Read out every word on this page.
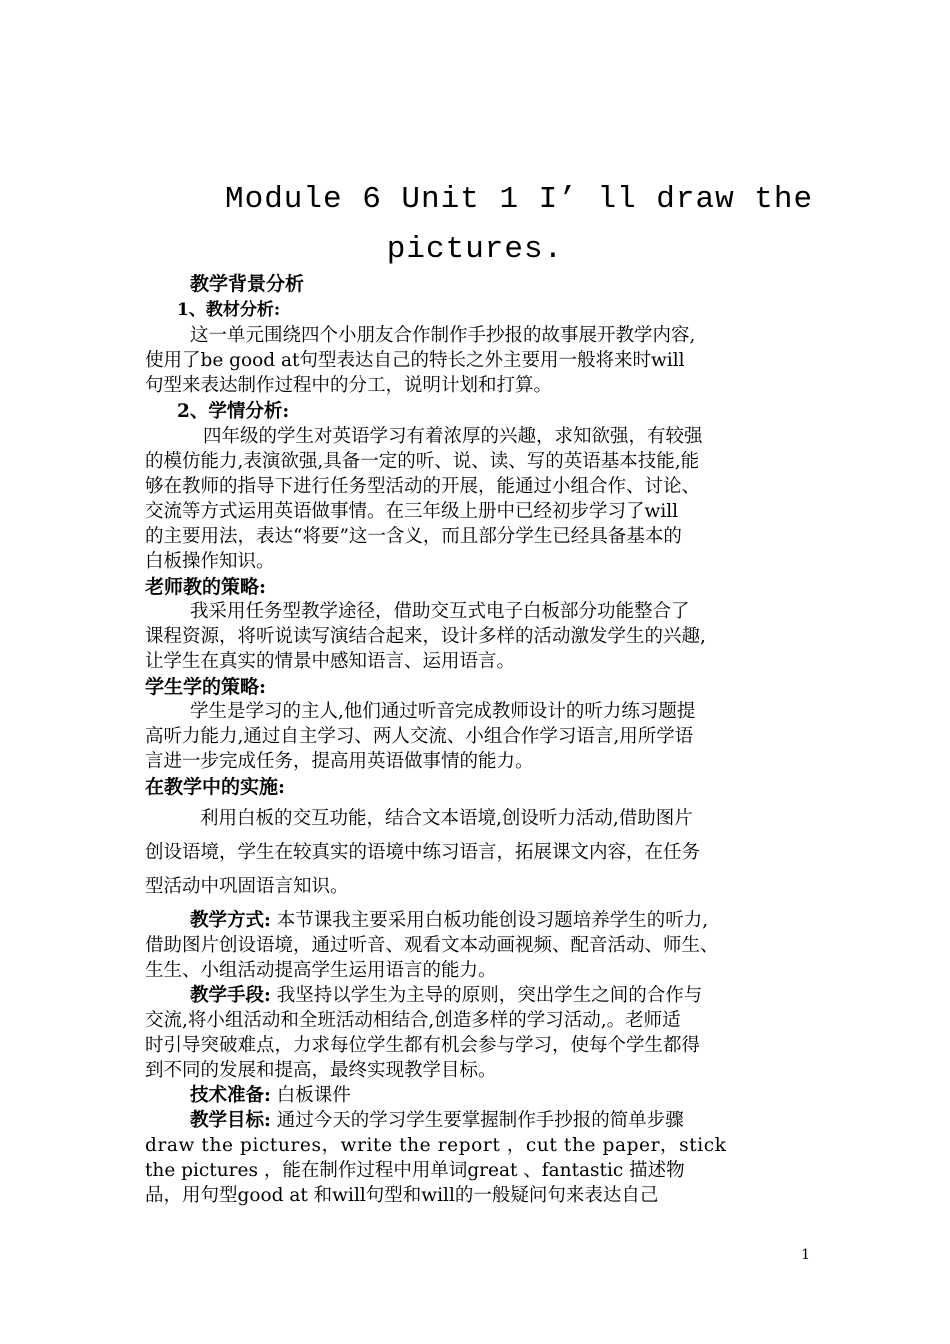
Module 6 Unit 1 I’ ll draw the
pictures.
教学背景分析
1、教材分析:
这一单元围绕四个小朋友合作制作手抄报的故事展开教学内容,
使用了be good at句型表达自己的特长之外主要用一般将来时will
句型来表达制作过程中的分工，说明计划和打算。
2、学情分析:
四年级的学生对英语学习有着浓厚的兴趣，求知欲强，有较强
的模仿能力,表演欲强,具备一定的听、说、读、写的英语基本技能,能
够在教师的指导下进行任务型活动的开展，能通过小组合作、讨论、
交流等方式运用英语做事情。在三年级上册中已经初步学习了will
的主要用法，表达“将要”这一含义，而且部分学生已经具备基本的
白板操作知识。
老师教的策略:
我采用任务型教学途径，借助交互式电子白板部分功能整合了
课程资源，将听说读写演结合起来，设计多样的活动激发学生的兴趣,
让学生在真实的情景中感知语言、运用语言。
学生学的策略:
学生是学习的主人,他们通过听音完成教师设计的听力练习题提
高听力能力,通过自主学习、两人交流、小组合作学习语言,用所学语
言进一步完成任务，提高用英语做事情的能力。
在教学中的实施:
利用白板的交互功能，结合文本语境,创设听力活动,借助图片
创设语境，学生在较真实的语境中练习语言，拓展课文内容，在任务
型活动中巩固语言知识。
教学方式: 本节课我主要采用白板功能创设习题培养学生的听力,
借助图片创设语境，通过听音、观看文本动画视频、配音活动、师生、
生生、小组活动提高学生运用语言的能力。
教学手段: 我坚持以学生为主导的原则，突出学生之间的合作与
交流,将小组活动和全班活动相结合,创造多样的学习活动,。老师适
时引导突破难点，力求每位学生都有机会参与学习，使每个学生都得
到不同的发展和提高，最终实现教学目标。
技术准备: 白板课件
教学目标: 通过今天的学习学生要掌握制作手抄报的简单步骤
draw the pictures，write the report ，cut the paper，stick
the pictures ，能在制作过程中用单词great 、fantastic 描述物
品，用句型good at 和will句型和will的一般疑问句来表达自己
1
